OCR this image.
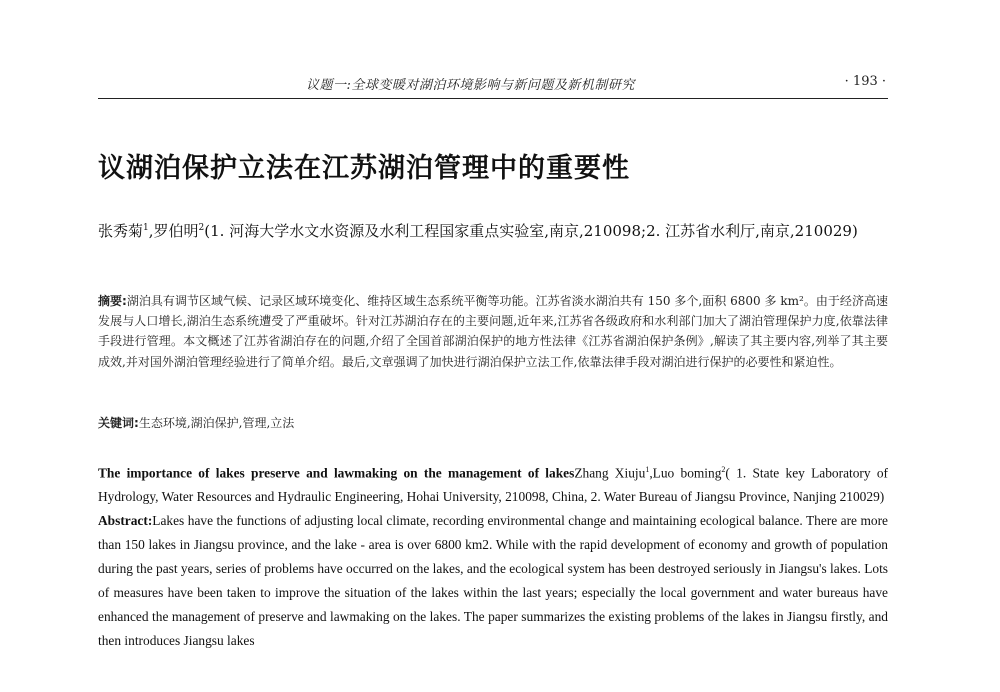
议题一:全球变暖对湖泊环境影响与新问题及新机制研究	· 193 ·
议湖泊保护立法在江苏湖泊管理中的重要性
张秀菊$^1$,罗伯明$^2$(1. 河海大学水文水资源及水利工程国家重点实验室,南京,210098;2. 江苏省水利厅,南京,210029)
摘要:湖泊具有调节区域气候、记录区域环境变化、维持区域生态系统平衡等功能。江苏省淡水湖泊共有 150 多个,面积 6800 多 km²。由于经济高速发展与人口增长,湖泊生态系统遭受了严重破坏。针对江苏湖泊存在的主要问题,近年来,江苏省各级政府和水利部门加大了湖泊管理保护力度,依靠法律手段进行管理。本文概述了江苏省湖泊存在的问题,介绍了全国首部湖泊保护的地方性法律《江苏省湖泊保护条例》,解读了其主要内容,列举了其主要成效,并对国外湖泊管理经验进行了简单介绍。最后,文章强调了加快进行湖泊保护立法工作,依靠法律手段对湖泊进行保护的必要性和紧迫性。
关键词:生态环境,湖泊保护,管理,立法

The importance of lakes preserve and lawmaking on the management of lakesZhang Xiuju$^1$,Luo boming$^2$( 1. State key Laboratory of Hydrology, Water Resources and Hydraulic Engineering, Hohai University, 210098, China, 2. Water Bureau of Jiangsu Province, Nanjing 210029)

Abstract:Lakes have the functions of adjusting local climate, recording environmental change and maintaining ecological balance. There are more than 150 lakes in Jiangsu province, and the lake - area is over 6800 km2. While with the rapid development of economy and growth of population during the past years, series of problems have occurred on the lakes, and the ecological system has been destroyed seriously in Jiangsu's lakes. Lots of measures have been taken to improve the situation of the lakes within the last years; especially the local government and water bureaus have enhanced the management of preserve and lawmaking on the lakes. The paper summarizes the existing problems of the lakes in Jiangsu firstly, and then introduces Jiangsu lakes
